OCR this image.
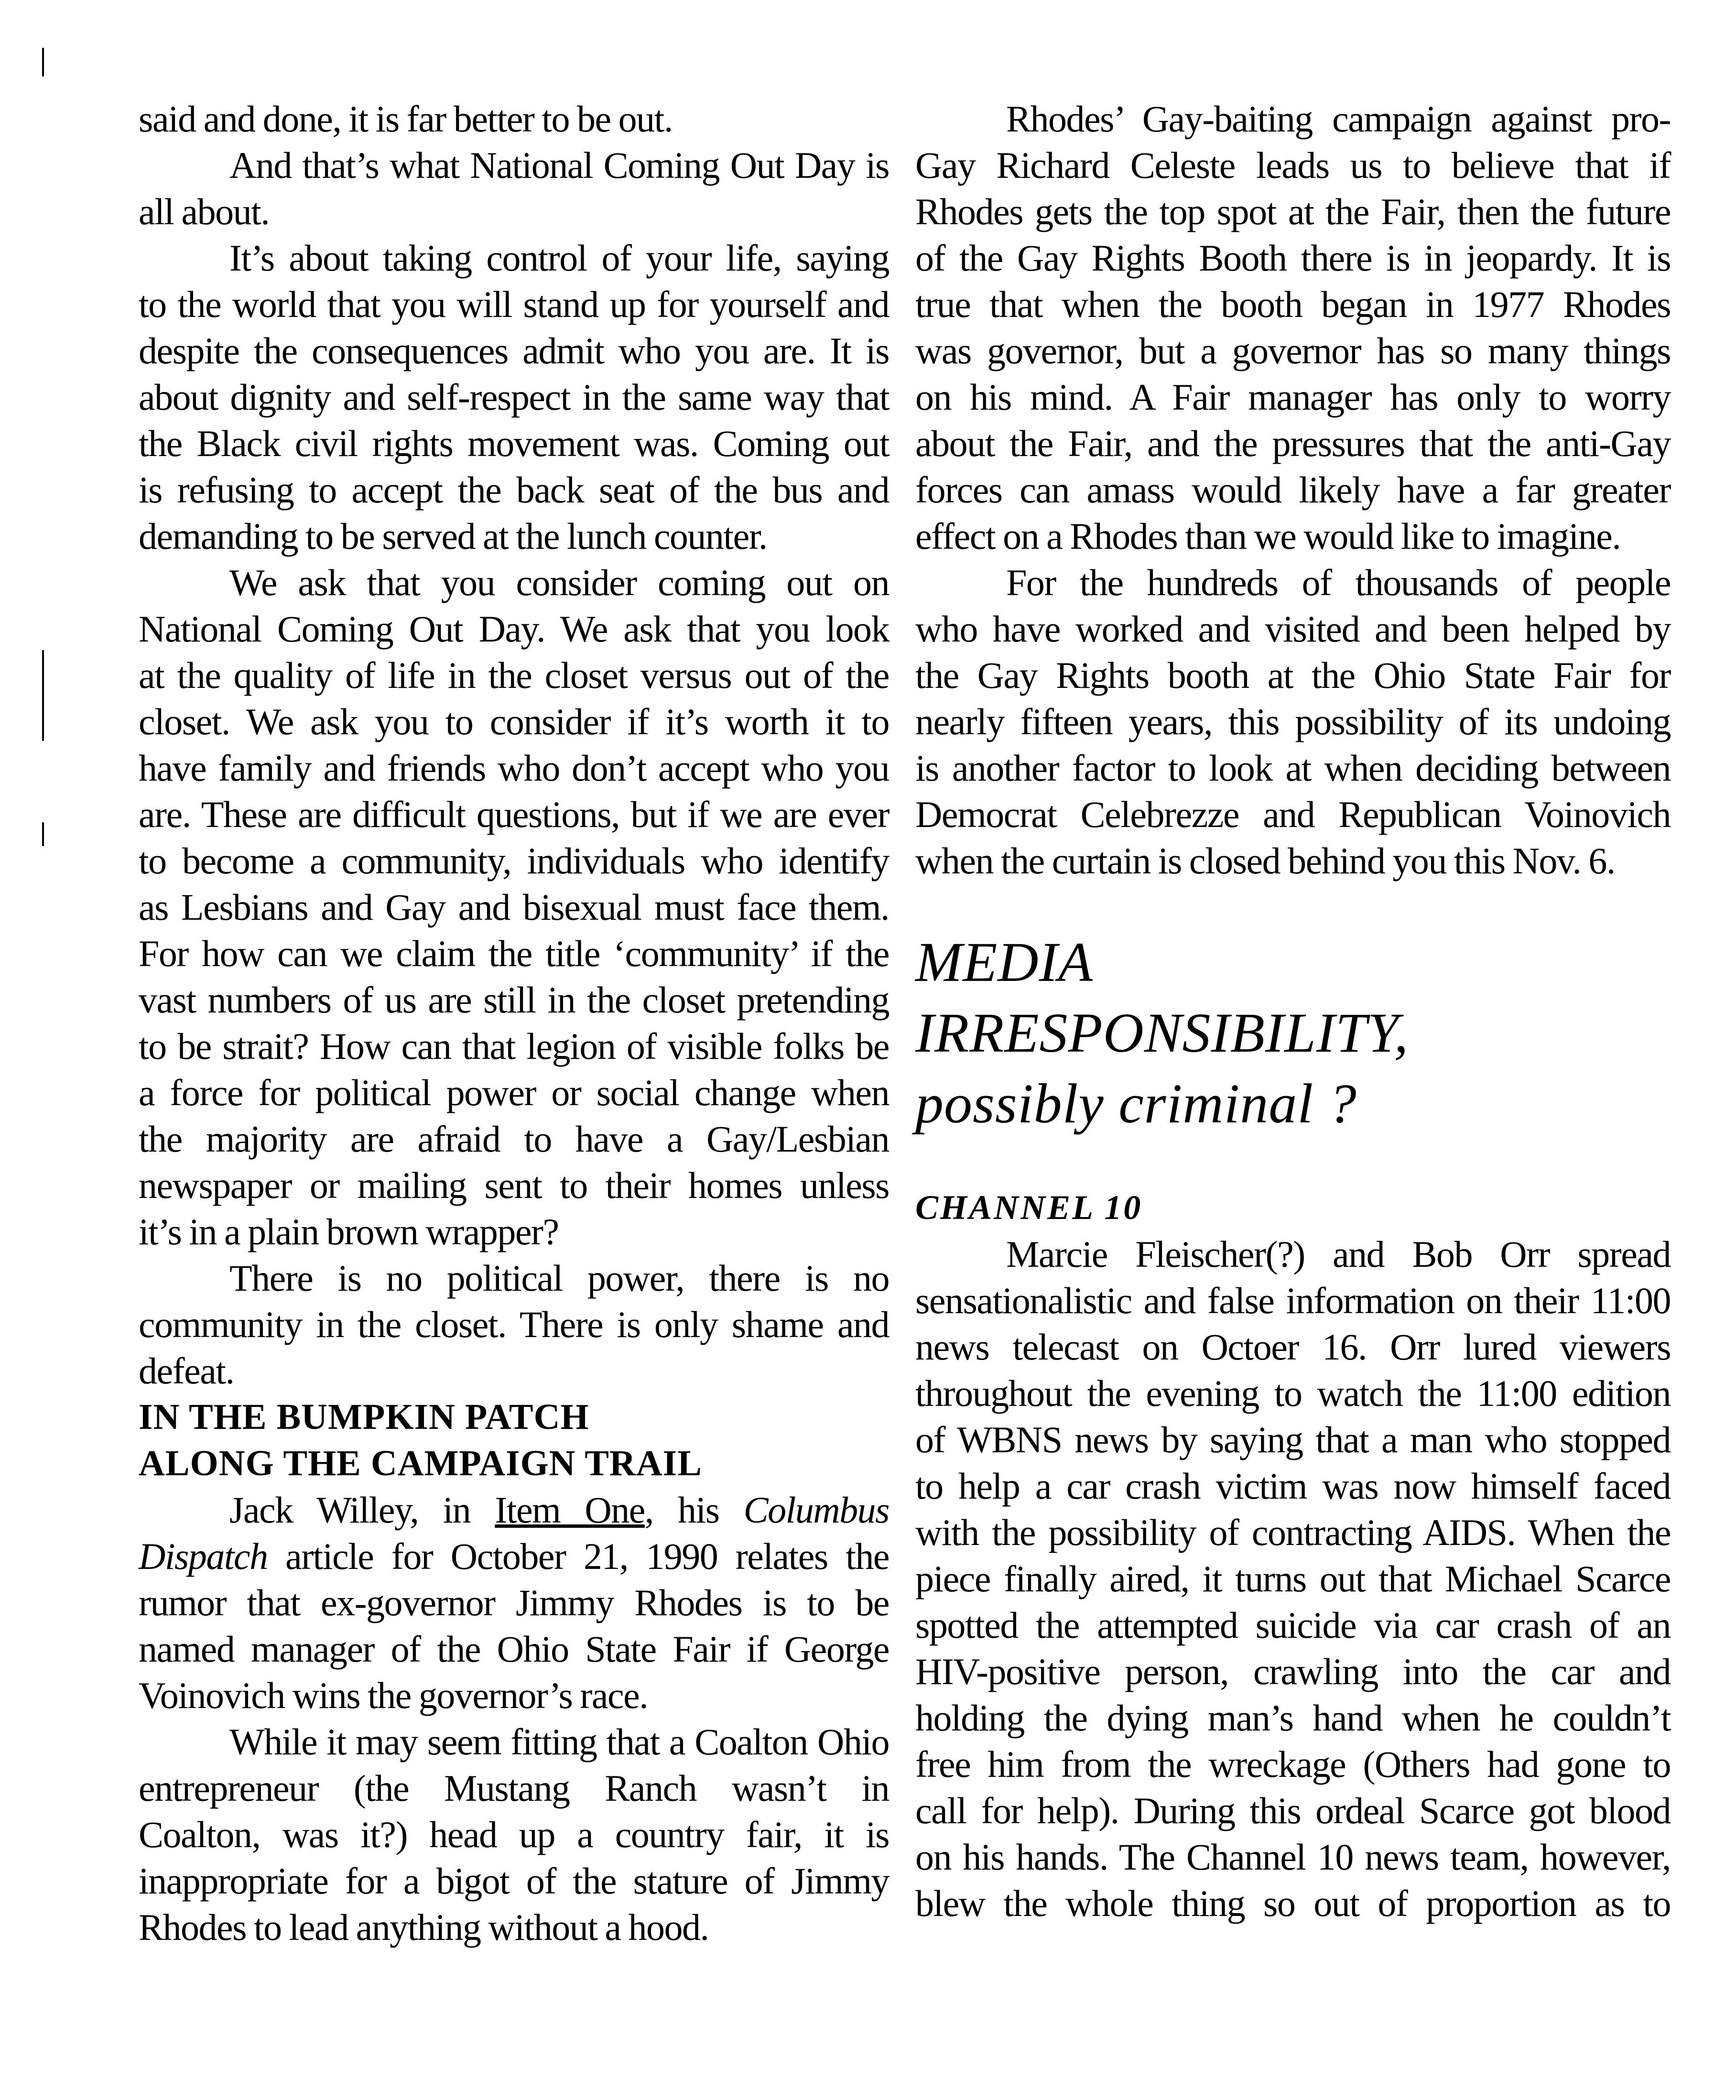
said and done, it is far better to be out.
And that’s what National Coming Out Day is
all about.
It’s about taking control of your life, saying
to the world that you will stand up for yourself and
despite the consequences admit who you are. It is
about dignity and self-respect in the same way that
the Black civil rights movement was. Coming out
is refusing to accept the back seat of the bus and
demanding to be served at the lunch counter.
We ask that you consider coming out on
National Coming Out Day. We ask that you look
at the quality of life in the closet versus out of the
closet. We ask you to consider if it’s worth it to
have family and friends who don’t accept who you
are. These are difficult questions, but if we are ever
to become a community, individuals who identify
as Lesbians and Gay and bisexual must face them.
For how can we claim the title ‘community’ if the
vast numbers of us are still in the closet pretending
to be strait? How can that legion of visible folks be
a force for political power or social change when
the majority are afraid to have a Gay/Lesbian
newspaper or mailing sent to their homes unless
it’s in a plain brown wrapper?
There is no political power, there is no
community in the closet. There is only shame and
defeat.
IN THE BUMPKIN PATCH
ALONG THE CAMPAIGN TRAIL
Jack Willey, in Item One, his Columbus
Dispatch article for October 21, 1990 relates the
rumor that ex-governor Jimmy Rhodes is to be
named manager of the Ohio State Fair if George
Voinovich wins the governor’s race.
While it may seem fitting that a Coalton Ohio
entrepreneur (the Mustang Ranch wasn’t in
Coalton, was it?) head up a country fair, it is
inappropriate for a bigot of the stature of Jimmy
Rhodes to lead anything without a hood.
Rhodes’ Gay-baiting campaign against pro-
Gay Richard Celeste leads us to believe that if
Rhodes gets the top spot at the Fair, then the future
of the Gay Rights Booth there is in jeopardy. It is
true that when the booth began in 1977 Rhodes
was governor, but a governor has so many things
on his mind. A Fair manager has only to worry
about the Fair, and the pressures that the anti-Gay
forces can amass would likely have a far greater
effect on a Rhodes than we would like to imagine.
For the hundreds of thousands of people
who have worked and visited and been helped by
the Gay Rights booth at the Ohio State Fair for
nearly fifteen years, this possibility of its undoing
is another factor to look at when deciding between
Democrat Celebrezze and Republican Voinovich
when the curtain is closed behind you this Nov. 6.
MEDIA
IRRESPONSIBILITY,
possibly criminal ?
CHANNEL 10
Marcie Fleischer(?) and Bob Orr spread
sensationalistic and false information on their 11:00
news telecast on Octoer 16. Orr lured viewers
throughout the evening to watch the 11:00 edition
of WBNS news by saying that a man who stopped
to help a car crash victim was now himself faced
with the possibility of contracting AIDS. When the
piece finally aired, it turns out that Michael Scarce
spotted the attempted suicide via car crash of an
HIV-positive person, crawling into the car and
holding the dying man’s hand when he couldn’t
free him from the wreckage (Others had gone to
call for help). During this ordeal Scarce got blood
on his hands. The Channel 10 news team, however,
blew the whole thing so out of proportion as to
